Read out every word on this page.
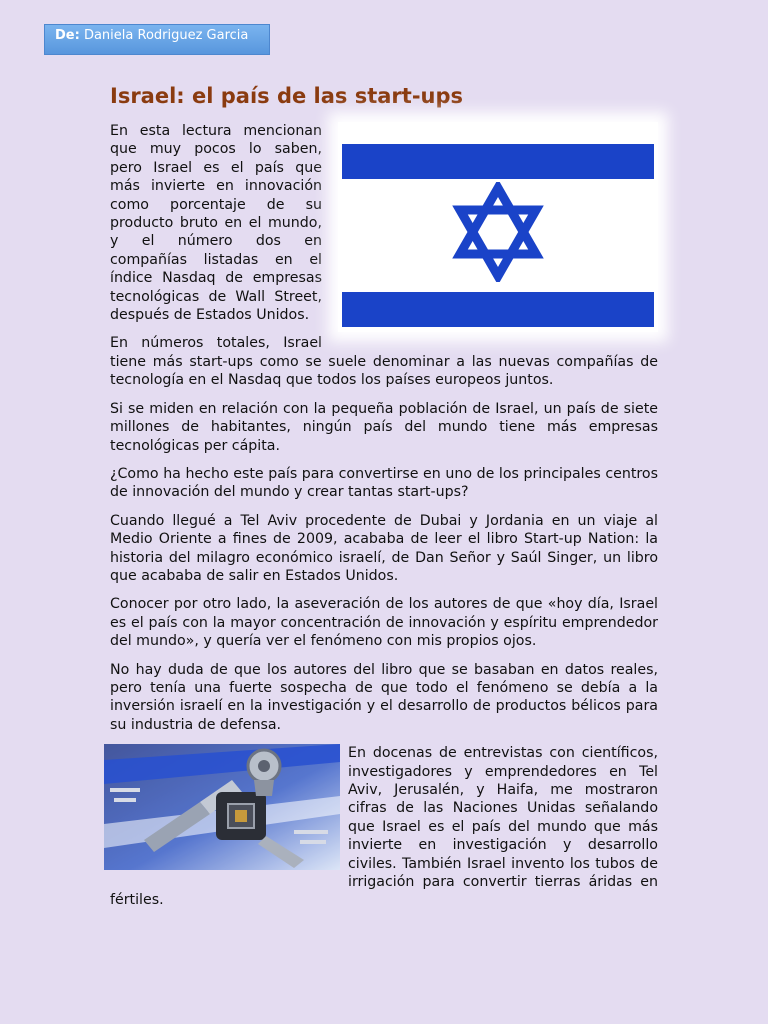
De: Daniela Rodriguez Garcia
Israel: el país de las start-ups

En esta lectura mencionan que muy pocos lo saben, pero Israel es el país que más invierte en innovación como porcentaje de su producto bruto en el mundo, y el número dos en compañías listadas en el índice Nasdaq de empresas tecnológicas de Wall Street, después de Estados Unidos.

En números totales, Israel tiene más start-ups como se suele denominar a las nuevas compañías de tecnología en el Nasdaq que todos los países europeos juntos.

Si se miden en relación con la pequeña población de Israel, un país de siete millones de habitantes, ningún país del mundo tiene más empresas tecnológicas per cápita.

¿Como ha hecho este país para convertirse en uno de los principales centros de innovación del mundo y crear tantas start-ups?

Cuando llegué a Tel Aviv procedente de Dubai y Jordania en un viaje al Medio Oriente a fines de 2009, acababa de leer el libro Start-up Nation: la historia del milagro económico israelí, de Dan Señor y Saúl Singer, un libro que acababa de salir en Estados Unidos.

Conocer por otro lado, la aseveración de los autores de que «hoy día, Israel es el país con la mayor concentración de innovación y espíritu emprendedor del mundo», y quería ver el fenómeno con mis propios ojos.

No hay duda de que los autores del libro que se basaban en datos reales, pero tenía una fuerte sospecha de que todo el fenómeno se debía a la inversión israelí en la investigación y el desarrollo de productos bélicos para su industria de defensa.

En docenas de entrevistas con científicos, investigadores y emprendedores en Tel Aviv, Jerusalén, y Haifa, me mostraron cifras de las Naciones Unidas señalando que Israel es el país del mundo que más invierte en investigación y desarrollo civiles. También Israel invento los tubos de irrigación para convertir tierras áridas en fértiles.
